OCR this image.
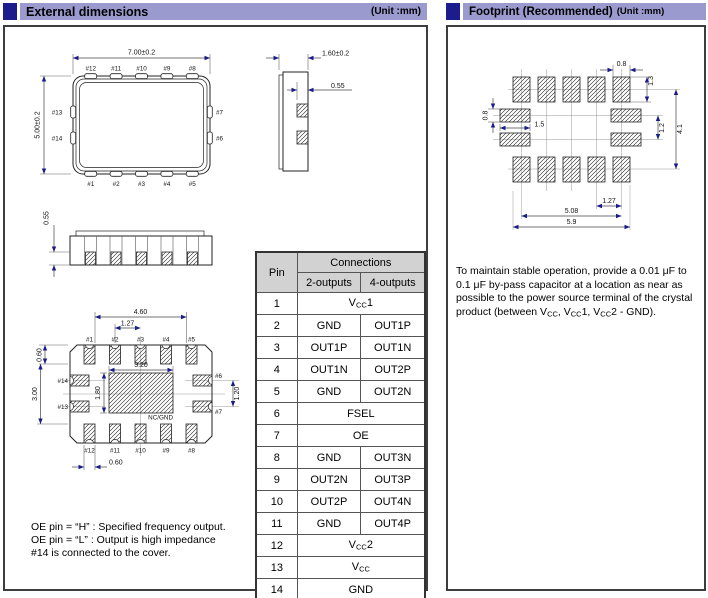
External dimensions	(Unit :mm)	Footprint (Recommended) (Unit :mm)
7.00±0.2
5.00±0.2
#12 #11 #10	#9	#8
#1	#2	#3	#4	#5
#13
#14
#7
#6
1.60±0.2
0.55
0.55
NC/GND
4.60
1.27
0.60
3.00
3.20
1.80	1.20
0.60
#1	#2	#3	#4	#5
#12 #11 #10	#9	#8
#14
#13
#6
#7
Pin	Connections	
	2-outputs	4-outputs
1	VCC1	
2	GND	OUT1P
3	OUT1P	OUT1N
4	OUT1N	OUT2P
5	GND	OUT2N
6	FSEL	
7	OE	
8	GND	OUT3N
9	OUT2N	OUT3P
10	OUT2P	OUT4N
11	GND	OUT4P
12	VCC2	
13	VCC	
14	GND	
OE pin = “H” : Specified frequency output.
OE pin = “L” : Output is high impedance
#14 is connected to the cover.
0.8
1.3
4.1
1.2
0.8
1.5
1.27
5.08
5.9

To maintain stable operation, provide a 0.01 μF to 0.1 μF by-pass capacitor at a location as near as possible to the power source terminal of the crystal product (between VCC, VCC1, VCC2 - GND).
